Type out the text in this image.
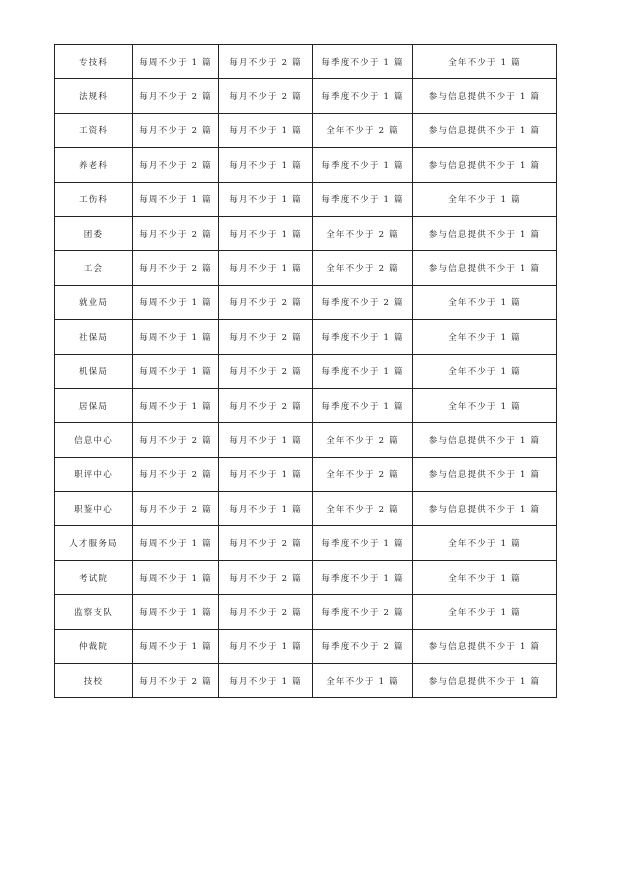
专技科	每周不少于 1 篇	每月不少于 2 篇	每季度不少于 1 篇	全年不少于 1 篇
法规科	每月不少于 2 篇	每月不少于 2 篇	每季度不少于 1 篇	参与信息提供不少于 1 篇
工资科	每月不少于 2 篇	每月不少于 1 篇	全年不少于 2 篇	参与信息提供不少于 1 篇
养老科	每月不少于 2 篇	每月不少于 1 篇	每季度不少于 1 篇	参与信息提供不少于 1 篇
工伤科	每周不少于 1 篇	每月不少于 1 篇	每季度不少于 1 篇	全年不少于 1 篇
团委	每月不少于 2 篇	每月不少于 1 篇	全年不少于 2 篇	参与信息提供不少于 1 篇
工会	每月不少于 2 篇	每月不少于 1 篇	全年不少于 2 篇	参与信息提供不少于 1 篇
就业局	每周不少于 1 篇	每月不少于 2 篇	每季度不少于 2 篇	全年不少于 1 篇
社保局	每周不少于 1 篇	每月不少于 2 篇	每季度不少于 1 篇	全年不少于 1 篇
机保局	每周不少于 1 篇	每月不少于 2 篇	每季度不少于 1 篇	全年不少于 1 篇
居保局	每周不少于 1 篇	每月不少于 2 篇	每季度不少于 1 篇	全年不少于 1 篇
信息中心	每月不少于 2 篇	每月不少于 1 篇	全年不少于 2 篇	参与信息提供不少于 1 篇
职评中心	每月不少于 2 篇	每月不少于 1 篇	全年不少于 2 篇	参与信息提供不少于 1 篇
职鉴中心	每月不少于 2 篇	每月不少于 1 篇	全年不少于 2 篇	参与信息提供不少于 1 篇
人才服务局	每周不少于 1 篇	每月不少于 2 篇	每季度不少于 1 篇	全年不少于 1 篇
考试院	每周不少于 1 篇	每月不少于 2 篇	每季度不少于 1 篇	全年不少于 1 篇
监察支队	每周不少于 1 篇	每月不少于 2 篇	每季度不少于 2 篇	全年不少于 1 篇
仲裁院	每周不少于 1 篇	每月不少于 1 篇	每季度不少于 2 篇	参与信息提供不少于 1 篇
技校	每月不少于 2 篇	每月不少于 1 篇	全年不少于 1 篇	参与信息提供不少于 1 篇
